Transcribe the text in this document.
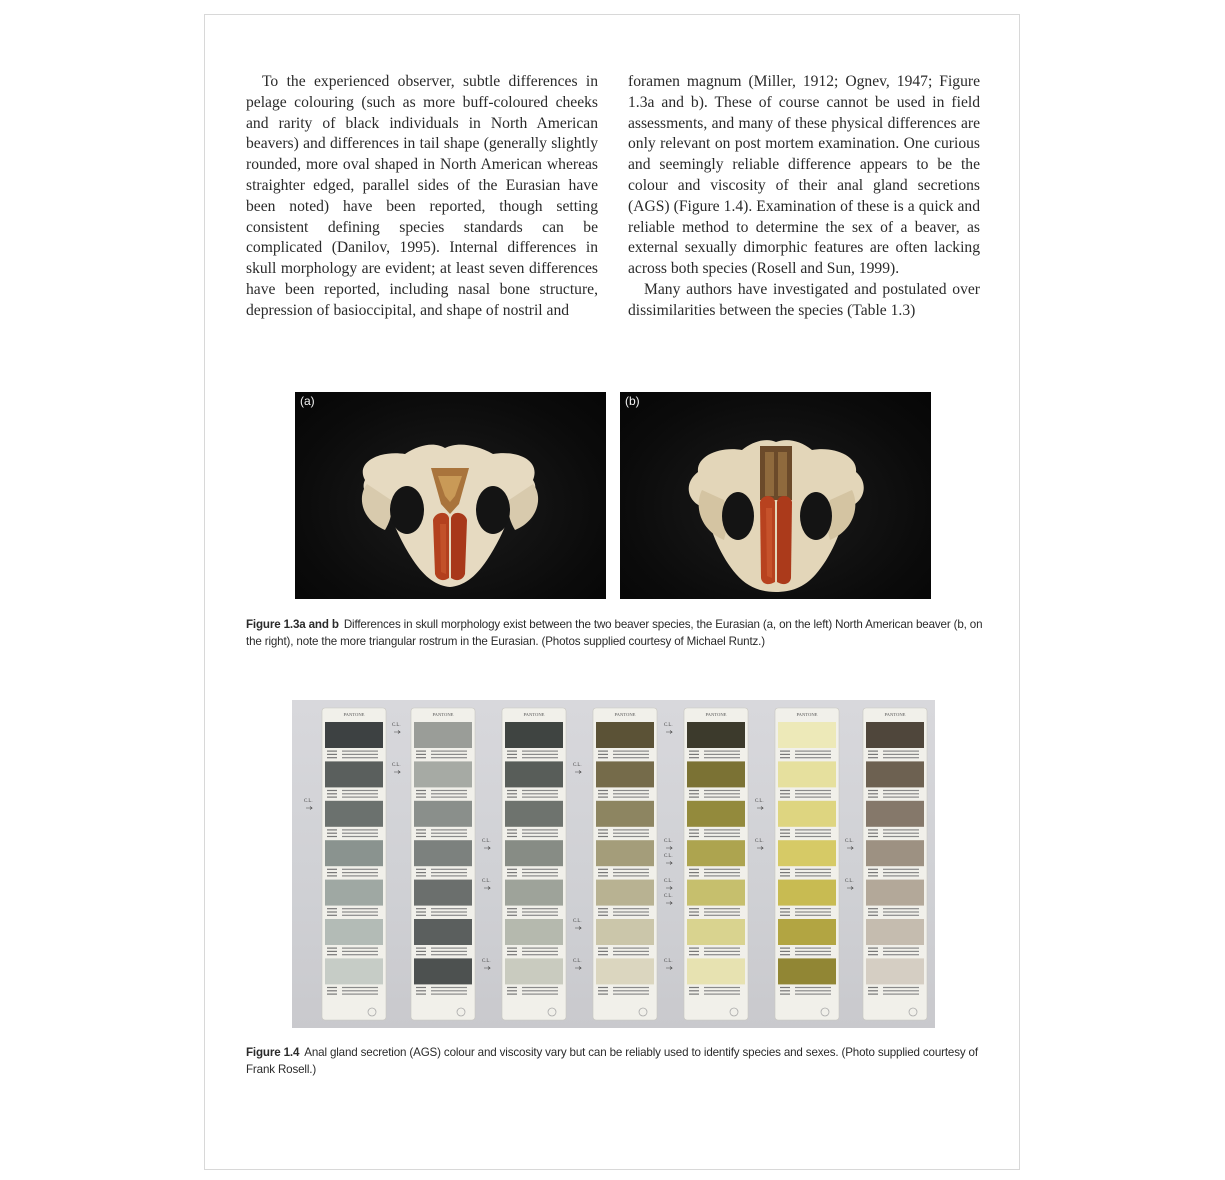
To the experienced observer, subtle differences in pelage colouring (such as more buff-coloured cheeks and rarity of black individuals in North American beavers) and differences in tail shape (generally slightly rounded, more oval shaped in North American whereas straighter edged, parallel sides of the Eurasian have been noted) have been reported, though setting consistent defining species standards can be complicated (Danilov, 1995). Internal differences in skull morphology are evident; at least seven differences have been reported, including nasal bone structure, depression of basioccipital, and shape of nostril and

foramen magnum (Miller, 1912; Ognev, 1947; Figure 1.3a and b). These of course cannot be used in field assessments, and many of these physical differences are only relevant on post mortem examination. One curious and seemingly reliable difference appears to be the colour and viscosity of their anal gland secretions (AGS) (Figure 1.4). Examination of these is a quick and reliable method to determine the sex of a beaver, as external sexually dimorphic features are often lacking across both species (Rosell and Sun, 1999).

Many authors have investigated and postulated over dissimilarities between the species (Table 1.3)

(a)	(b)
Figure 1.3a and b Differences in skull morphology exist between the two beaver species, the Eurasian (a, on the left) North American beaver (b, on the right), note the more triangular rostrum in the Eurasian. (Photos supplied courtesy of Michael Runtz.)
PANTONE	PANTONE	PANTONE	PANTONE	PANTONE	PANTONE	PANTONE
C.L.
C.L.
C.L.
C.L.
C.L.
C.L.
C.L.
C.L.
C.L.
C.L.
C.L.
C.L.
C.L.
C.L.
C.L.
C.L.
C.L.	C.L.
C.L.
Figure 1.4 Anal gland secretion (AGS) colour and viscosity vary but can be reliably used to identify species and sexes. (Photo supplied courtesy of Frank Rosell.)
